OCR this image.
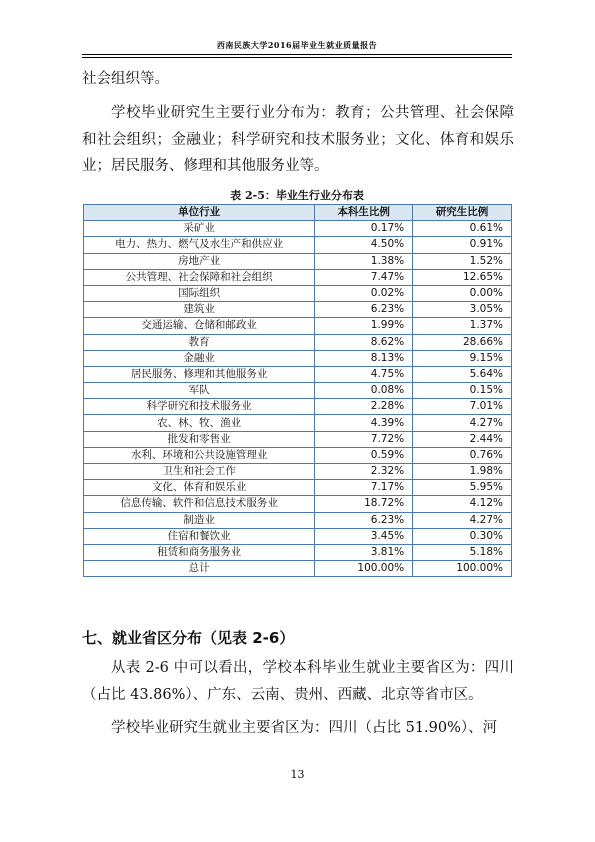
西南民族大学2016届毕业生就业质量报告
社会组织等。
学校毕业研究生主要行业分布为：教育；公共管理、社会保障和社会组织；金融业；科学研究和技术服务业；文化、体育和娱乐业；居民服务、修理和其他服务业等。
表 2-5：毕业生行业分布表
单位行业	本科生比例	研究生比例
采矿业	0.17%	0.61%
电力、热力、燃气及水生产和供应业	4.50%	0.91%
房地产业	1.38%	1.52%
公共管理、社会保障和社会组织	7.47%	12.65%
国际组织	0.02%	0.00%
建筑业	6.23%	3.05%
交通运输、仓储和邮政业	1.99%	1.37%
教育	8.62%	28.66%
金融业	8.13%	9.15%
居民服务、修理和其他服务业	4.75%	5.64%
军队	0.08%	0.15%
科学研究和技术服务业	2.28%	7.01%
农、林、牧、渔业	4.39%	4.27%
批发和零售业	7.72%	2.44%
水利、环境和公共设施管理业	0.59%	0.76%
卫生和社会工作	2.32%	1.98%
文化、体育和娱乐业	7.17%	5.95%
信息传输、软件和信息技术服务业	18.72%	4.12%
制造业	6.23%	4.27%
住宿和餐饮业	3.45%	0.30%
租赁和商务服务业	3.81%	5.18%
总计	100.00%	100.00%
七、就业省区分布（见表 2-6）
从表 2-6 中可以看出，学校本科毕业生就业主要省区为：四川（占比 43.86%）、广东、云南、贵州、西藏、北京等省市区。
学校毕业研究生就业主要省区为：四川（占比 51.90%）、河
13
